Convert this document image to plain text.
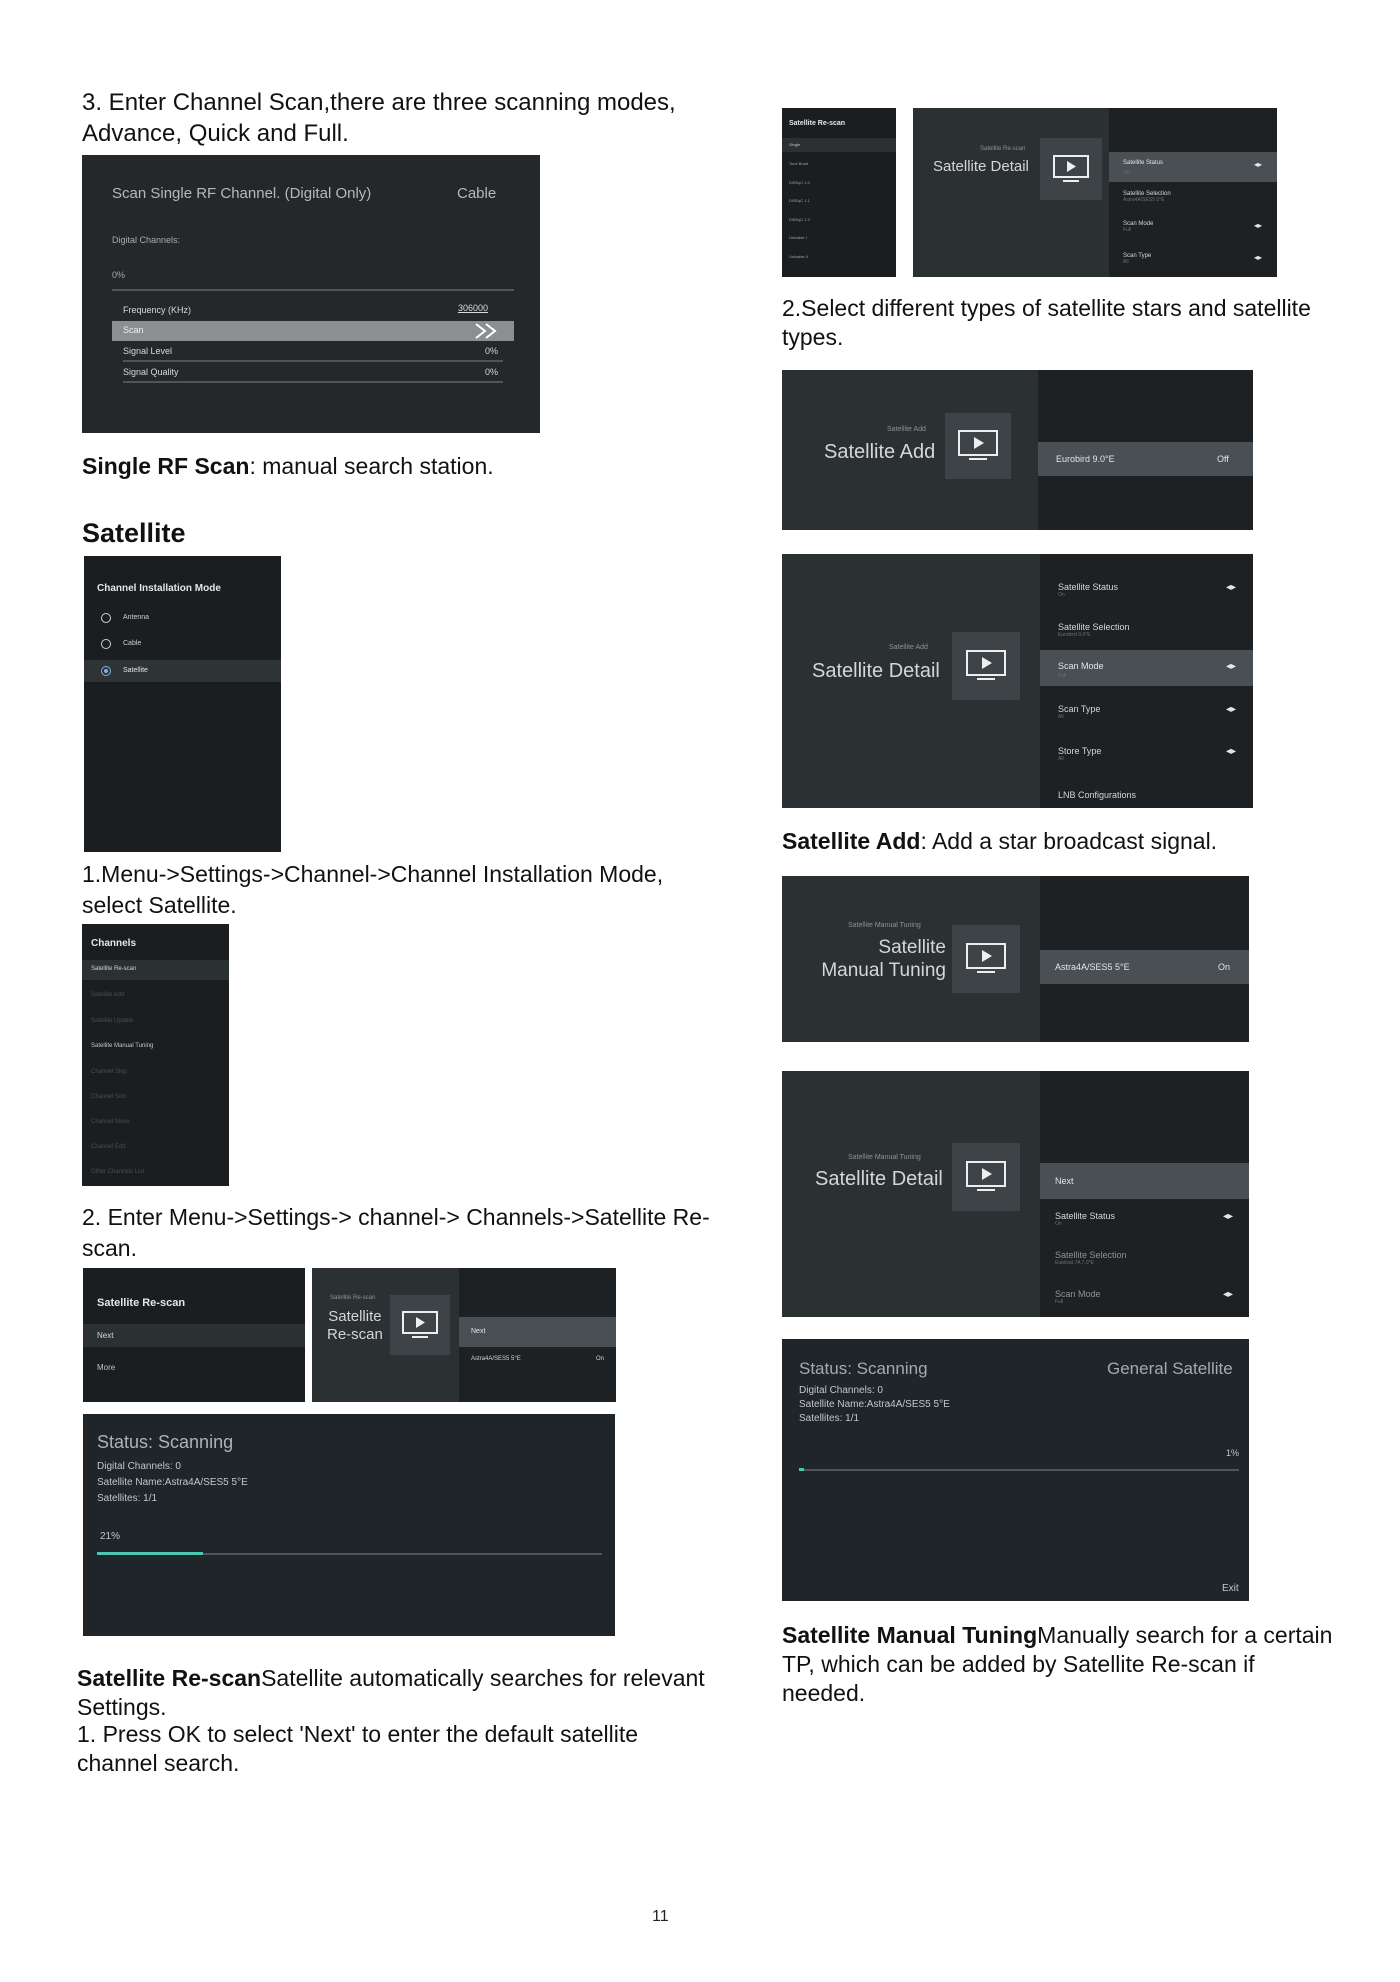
3. Enter Channel Scan,there are three scanning modes, Advance, Quick and Full.
Scan Single RF Channel. (Digital Only)	Cable
Digital Channels:
0%
Frequency (KHz)	306000
Scan
Signal Level	0%
Signal Quality	0%
Single RF Scan: manual search station.
Satellite
Channel Installation Mode
Antenna
Cable
Satellite
1.Menu->Settings->Channel->Channel Installation Mode, select Satellite.
Channels
Satellite Re-scan
Satellite Add
Satellite Update
Satellite Manual Tuning
Channel Skip
Channel Sort
Channel Move
Channel Edit
Other Channels List
2. Enter Menu->Settings-> channel-> Channels->Satellite Re-scan.
Satellite Re-scan
Next
More
Satellite Re-scan
Satellite
Re-scan	Next
Astra4A/SES5 5°E	On
Status: Scanning
Digital Channels: 0
Satellite Name:Astra4A/SES5 5°E
Satellites: 1/1
21%
Satellite Re-scanSatellite automatically searches for relevant Settings.
1. Press OK to select 'Next' to enter the default satellite channel search.
Satellite Re-scan
Single
Tone Burst
DiSEqC 1.0
DiSEqC 1.1
DiSEqC 1.2
Unicable I
Unicable II
Satellite Re-scan
Satellite Detail	Satellite Status
On
◂▸
Satellite Selection
Astra4A/SES5 5°E
Scan Mode
Full	◂▸
Scan Type
All	◂▸
2.Select different types of satellite stars and satellite types.
Satellite Add
Satellite Add	Eurobird 9.0°E	Off
Satellite Add
Satellite Detail
Satellite Status
On
◂▸
Satellite Selection
Eurobird 9.0°E
Scan Mode
Full
◂▸
Scan Type
All
◂▸
Store Type
All
◂▸
LNB Configurations
Satellite Add: Add a star broadcast signal.
Satellite Manual Tuning
Satellite
Manual Tuning	Astra4A/SES5 5°E	On
Satellite Manual Tuning
Satellite Detail	Next
Satellite Status
On
◂▸
Satellite Selection
Eutelsat 7A 7.0°E
Scan Mode
Full
◂▸
Status: Scanning	General Satellite
Digital Channels: 0
Satellite Name:Astra4A/SES5 5°E
Satellites: 1/1
1%
Exit
Satellite Manual TuningManually search for a certain TP, which can be added by Satellite Re-scan if needed.
11
